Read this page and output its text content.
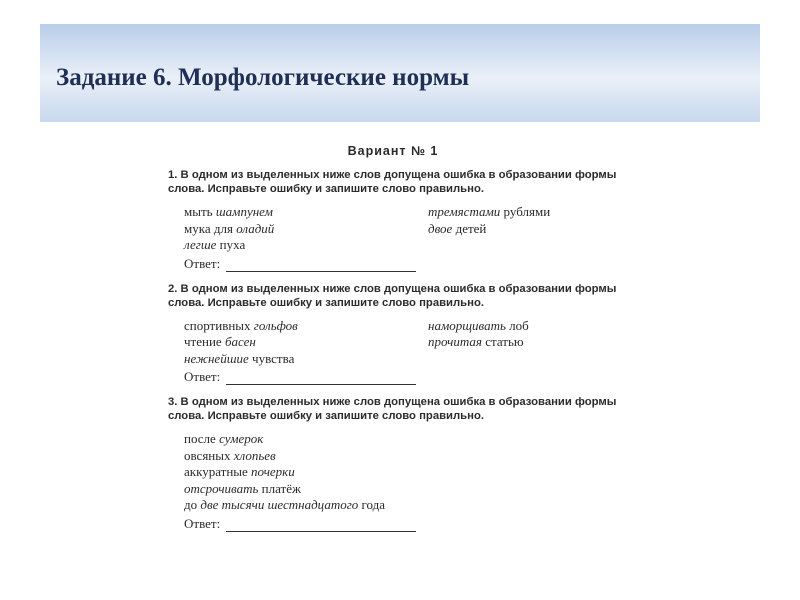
Задание 6. Морфологические нормы
Вариант № 1
1. В одном из выделенных ниже слов допущена ошибка в образовании формы слова. Исправьте ошибку и запишите слово правильно.
мыть шампунем	тремястами рублями
мука для оладий	двое детей
легше пуха
Ответ:
2. В одном из выделенных ниже слов допущена ошибка в образовании формы слова. Исправьте ошибку и запишите слово правильно.
спортивных гольфов	наморщивать лоб
чтение басен	прочитая статью
нежнейшие чувства
Ответ:
3. В одном из выделенных ниже слов допущена ошибка в образовании формы слова. Исправьте ошибку и запишите слово правильно.
после сумерок
овсяных хлопьев
аккуратные почерки
отсрочивать платёж
до две тысячи шестнадцатого года
Ответ:
